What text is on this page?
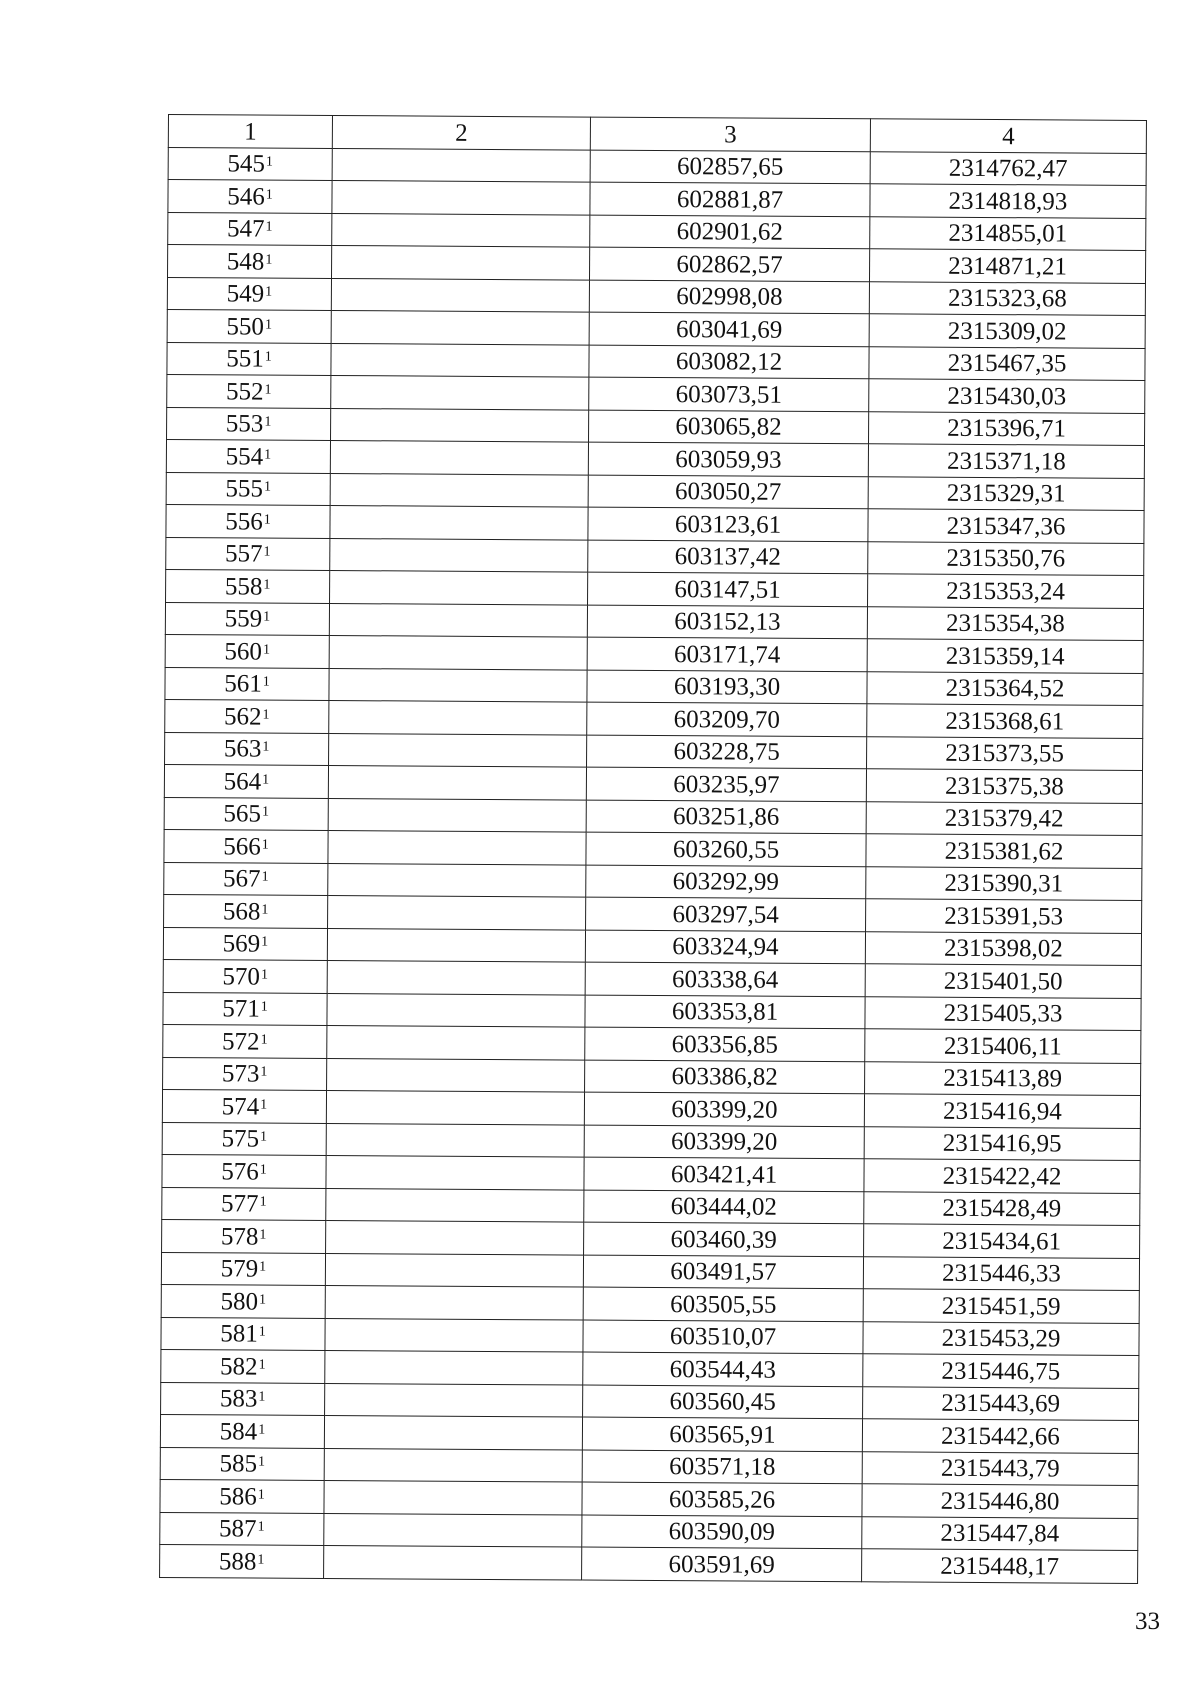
1	2	3	4
$545^1$		602857,65	2314762,47
$546^1$		602881,87	2314818,93
$547^1$		602901,62	2314855,01
$548^1$		602862,57	2314871,21
$549^1$		602998,08	2315323,68
$550^1$		603041,69	2315309,02
$551^1$		603082,12	2315467,35
$552^1$		603073,51	2315430,03
$553^1$		603065,82	2315396,71
$554^1$		603059,93	2315371,18
$555^1$		603050,27	2315329,31
$556^1$		603123,61	2315347,36
$557^1$		603137,42	2315350,76
$558^1$		603147,51	2315353,24
$559^1$		603152,13	2315354,38
$560^1$		603171,74	2315359,14
$561^1$		603193,30	2315364,52
$562^1$		603209,70	2315368,61
$563^1$		603228,75	2315373,55
$564^1$		603235,97	2315375,38
$565^1$		603251,86	2315379,42
$566^1$		603260,55	2315381,62
$567^1$		603292,99	2315390,31
$568^1$		603297,54	2315391,53
$569^1$		603324,94	2315398,02
$570^1$		603338,64	2315401,50
$571^1$		603353,81	2315405,33
$572^1$		603356,85	2315406,11
$573^1$		603386,82	2315413,89
$574^1$		603399,20	2315416,94
$575^1$		603399,20	2315416,95
$576^1$		603421,41	2315422,42
$577^1$		603444,02	2315428,49
$578^1$		603460,39	2315434,61
$579^1$		603491,57	2315446,33
$580^1$		603505,55	2315451,59
$581^1$		603510,07	2315453,29
$582^1$		603544,43	2315446,75
$583^1$		603560,45	2315443,69
$584^1$		603565,91	2315442,66
$585^1$		603571,18	2315443,79
$586^1$		603585,26	2315446,80
$587^1$		603590,09	2315447,84
$588^1$		603591,69	2315448,17
33
